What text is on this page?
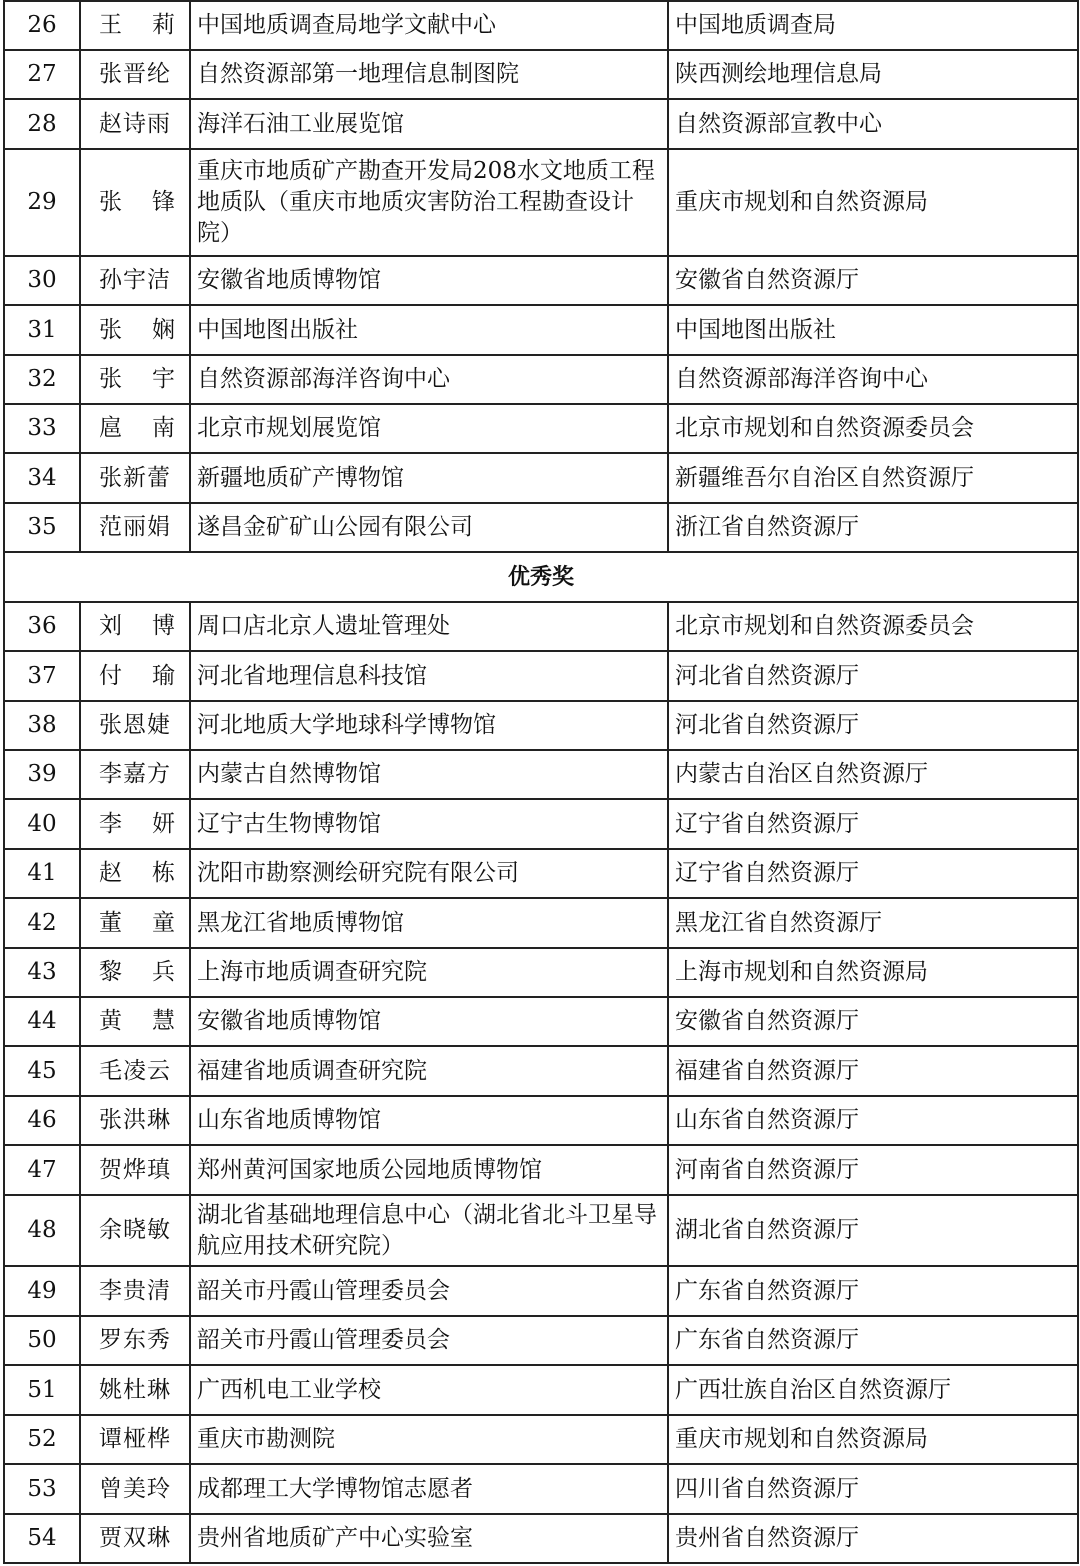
26	王 莉	中国地质调查局地学文献中心	中国地质调查局
27	张晋纶	自然资源部第一地理信息制图院	陕西测绘地理信息局
28	赵诗雨	海洋石油工业展览馆	自然资源部宣教中心
29	张 锋	重庆市地质矿产勘查开发局208水文地质工程地质队（重庆市地质灾害防治工程勘查设计院）	重庆市规划和自然资源局
30	孙宇洁	安徽省地质博物馆	安徽省自然资源厅
31	张 娴	中国地图出版社	中国地图出版社
32	张 宇	自然资源部海洋咨询中心	自然资源部海洋咨询中心
33	扈 南	北京市规划展览馆	北京市规划和自然资源委员会
34	张新蕾	新疆地质矿产博物馆	新疆维吾尔自治区自然资源厅
35	范丽娟	遂昌金矿矿山公园有限公司	浙江省自然资源厅
优秀奖			
36	刘 博	周口店北京人遗址管理处	北京市规划和自然资源委员会
37	付 瑜	河北省地理信息科技馆	河北省自然资源厅
38	张恩婕	河北地质大学地球科学博物馆	河北省自然资源厅
39	李嘉方	内蒙古自然博物馆	内蒙古自治区自然资源厅
40	李 妍	辽宁古生物博物馆	辽宁省自然资源厅
41	赵 栋	沈阳市勘察测绘研究院有限公司	辽宁省自然资源厅
42	董 童	黑龙江省地质博物馆	黑龙江省自然资源厅
43	黎 兵	上海市地质调查研究院	上海市规划和自然资源局
44	黄 慧	安徽省地质博物馆	安徽省自然资源厅
45	毛凌云	福建省地质调查研究院	福建省自然资源厅
46	张洪琳	山东省地质博物馆	山东省自然资源厅
47	贺烨瑱	郑州黄河国家地质公园地质博物馆	河南省自然资源厅
48	余晓敏	湖北省基础地理信息中心（湖北省北斗卫星导航应用技术研究院）	湖北省自然资源厅
49	李贵清	韶关市丹霞山管理委员会	广东省自然资源厅
50	罗东秀	韶关市丹霞山管理委员会	广东省自然资源厅
51	姚杜琳	广西机电工业学校	广西壮族自治区自然资源厅
52	谭桠桦	重庆市勘测院	重庆市规划和自然资源局
53	曾美玲	成都理工大学博物馆志愿者	四川省自然资源厅
54	贾双琳	贵州省地质矿产中心实验室	贵州省自然资源厅
